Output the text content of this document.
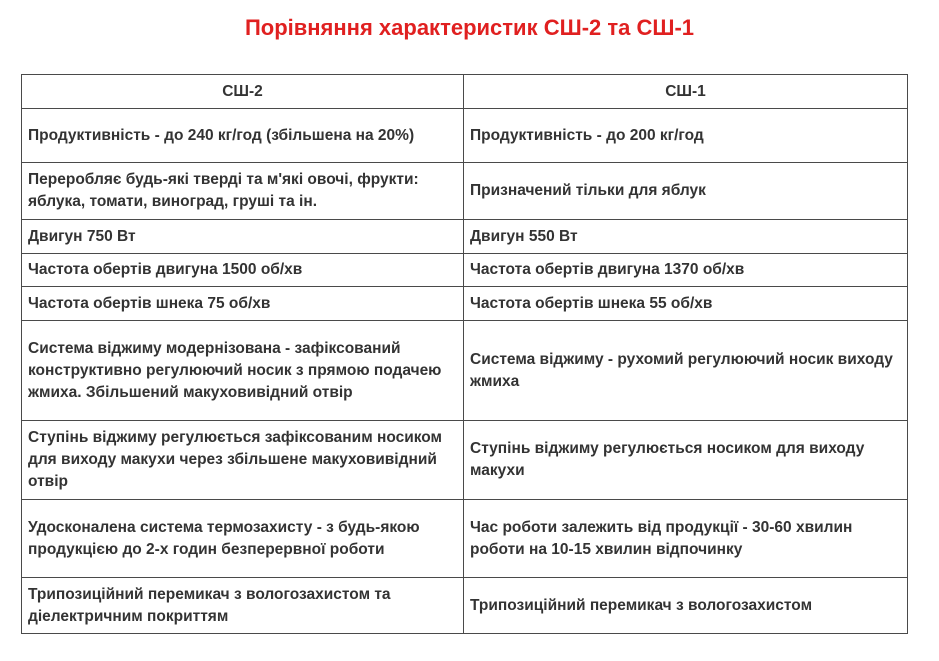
Порівняння характеристик СШ-2 та СШ-1
СШ-2	СШ-1
Продуктивність - до 240 кг/год (збільшена на 20%)	Продуктивність - до 200 кг/год
Переробляє будь-які тверді та м'які овочі, фрукти: яблука, томати, виноград, груші та ін.	Призначений тільки для яблук
Двигун 750 Вт	Двигун 550 Вт
Частота обертів двигуна 1500 об/хв	Частота обертів двигуна 1370 об/хв
Частота обертів шнека 75 об/хв	Частота обертів шнека 55 об/хв
Система віджиму модернізована - зафіксований конструктивно регулюючий носик з прямою подачею жмиха. Збільшений макуховивідний отвір	Система віджиму - рухомий регулюючий носик виходу жмиха
Ступінь віджиму регулюється зафіксованим носиком для виходу макухи через збільшене макуховивідний отвір	Ступінь віджиму регулюється носиком для виходу макухи
Удосконалена система термозахисту - з будь-якою продукцією до 2-х годин безперервної роботи	Час роботи залежить від продукції - 30-60 хвилин роботи на 10-15 хвилин відпочинку
Трипозиційний перемикач з вологозахистом та діелектричним покриттям	Трипозиційний перемикач з вологозахистом
